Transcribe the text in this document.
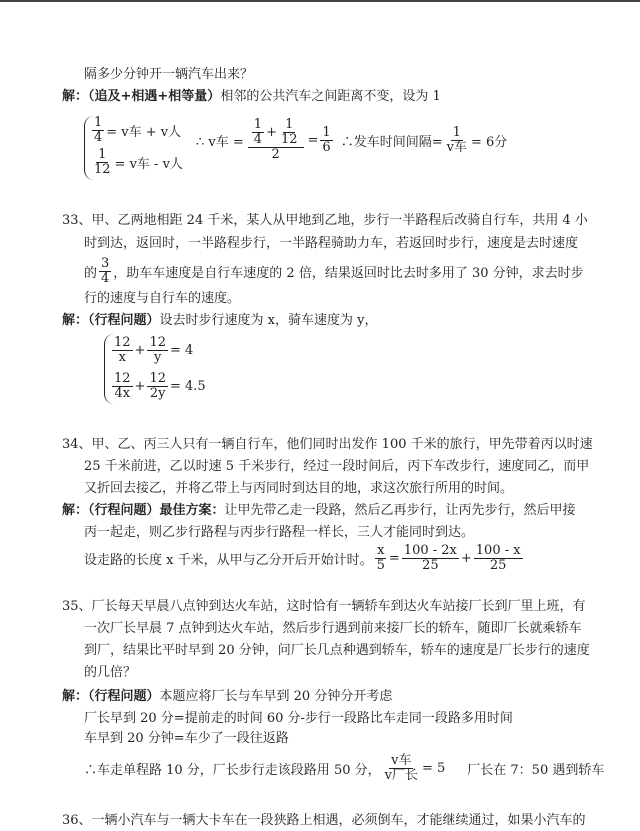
隔多少分钟开一辆汽车出来？
解：（追及+相遇+相等量）相邻的公共汽车之间距离不变，设为 1
$\frac{1}{4} = v$车 + v人
$\frac{1}{12} = v$车 - v人
∴ v车 = $\frac{\frac{1}{4} + \frac{1}{12}}{2} = \frac{1}{6}$ ∴发车时间间隔= $\frac{1}{\text{v车}} = 6$分
33、甲、乙两地相距 24 千米，某人从甲地到乙地，步行一半路程后改骑自行车，共用 4 小
时到达，返回时，一半路程步行，一半路程骑助力车，若返回时步行，速度是去时速度
的 $\frac{3}{4}$ ，助车车速度是自行车速度的 2 倍，结果返回时比去时多用了 30 分钟，求去时步
行的速度与自行车的速度。
解：（行程问题）设去时步行速度为 x，骑车速度为 y，
$\frac{12}{x} + \frac{12}{y} = 4$
$\frac{12}{4x} + \frac{12}{2y} = 4.5$
34、甲、乙、丙三人只有一辆自行车，他们同时出发作 100 千米的旅行，甲先带着丙以时速
25 千米前进，乙以时速 5 千米步行，经过一段时间后，丙下车改步行，速度同乙，而甲
又折回去接乙，并将乙带上与丙同时到达目的地，求这次旅行所用的时间。
解：（行程问题）最佳方案：让甲先带乙走一段路，然后乙再步行，让丙先步行，然后甲接
丙一起走，则乙步行路程与丙步行路程一样长，三人才能同时到达。
设走路的长度 x 千米，从甲与乙分开后开始计时。 $\frac{x}{5} = \frac{100 - 2x}{25} + \frac{100 - x}{25}$
35、厂长每天早晨八点钟到达火车站，这时恰有一辆轿车到达火车站接厂长到厂里上班，有
一次厂长早晨 7 点钟到达火车站，然后步行遇到前来接厂长的轿车，随即厂长就乘轿车
到厂，结果比平时早到 20 分钟，问厂长几点种遇到轿车，轿车的速度是厂长步行的速度
的几倍？
解：（行程问题）本题应将厂长与车早到 20 分钟分开考虑
厂长早到 20 分=提前走的时间 60 分-步行一段路比车走同一段路多用时间
车早到 20 分钟=车少了一段往返路
∴车走单程路 10 分，厂长步行走该段路用 50 分， $\frac{\text{v车}}{\text{v厂长}} = 5$ 厂长在 7：50 遇到轿车
36、一辆小汽车与一辆大卡车在一段狭路上相遇，必须倒车，才能继续通过，如果小汽车的
